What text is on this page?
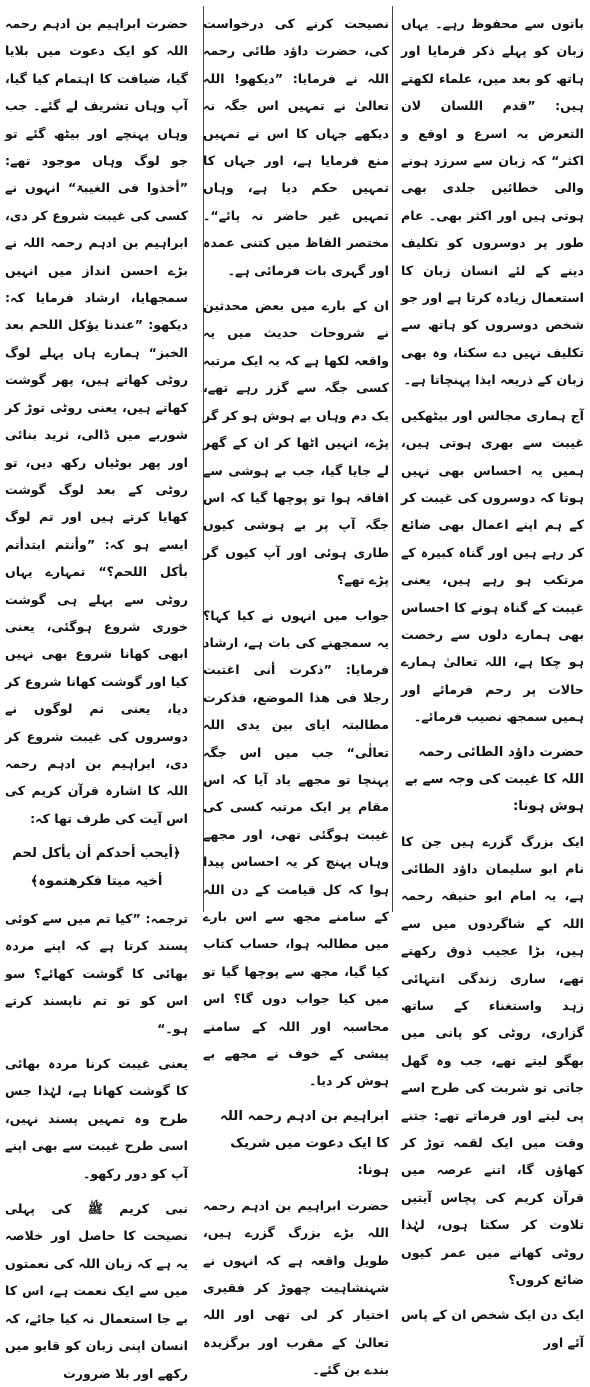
باتوں سے محفوظ رہے۔ یہاں زبان کو پہلے ذکر فرمایا اور ہاتھ کو بعد میں، علماء لکھتے ہیں: ”قدم اللسان لان التعرض بہ اسرع و اوقع و اکثر“ کہ زبان سے سرزد ہونے والی خطائیں جلدی بھی ہوتی ہیں اور اکثر بھی۔ عام طور پر دوسروں کو تکلیف دینے کے لئے انسان زبان کا استعمال زیادہ کرتا ہے اور جو شخص دوسروں کو ہاتھ سے تکلیف نہیں دے سکتا، وہ بھی زبان کے ذریعہ ایذا پہنچاتا ہے۔

آج ہماری مجالس اور بیٹھکیں غیبت سے بھری ہوتی ہیں، ہمیں یہ احساس بھی نہیں ہوتا کہ دوسروں کی غیبت کر کے ہم اپنے اعمال بھی ضائع کر رہے ہیں اور گناہ کبیرہ کے مرتکب ہو رہے ہیں، یعنی غیبت کے گناہ ہونے کا احساس بھی ہمارے دلوں سے رخصت ہو چکا ہے، اللہ تعالیٰ ہمارے حالات پر رحم فرمائے اور ہمیں سمجھ نصیب فرمائے۔

حضرت داؤد الطائی رحمہ اللہ کا غیبت کی وجہ سے بے ہوش ہونا:

ایک بزرگ گزرے ہیں جن کا نام ابو سلیمان داؤد الطائی ہے، یہ امام ابو حنیفہ رحمہ اللہ کے شاگردوں میں سے ہیں، بڑا عجیب ذوق رکھتے تھے، ساری زندگی انتہائی زہد واستغناء کے ساتھ گزاری، روٹی کو پانی میں بھگو لیتے تھے، جب وہ گھل جاتی تو شربت کی طرح اسے پی لیتے اور فرماتے تھے: جتنے وقت میں ایک لقمہ توڑ کر کھاؤں گا، اتنے عرصہ میں قرآن کریم کی پچاس آیتیں تلاوت کر سکتا ہوں، لہٰذا روٹی کھانے میں عمر کیوں ضائع کروں؟

ایک دن ایک شخص ان کے پاس آئے اور

نصیحت کرنے کی درخواست کی، حضرت داؤد طائی رحمہ اللہ نے فرمایا: ”دیکھو! اللہ تعالیٰ نے تمہیں اس جگہ نہ دیکھے جہاں کا اس نے تمہیں منع فرمایا ہے، اور جہاں کا تمہیں حکم دیا ہے، وہاں تمہیں غیر حاضر نہ پائے“۔ مختصر الفاظ میں کتنی عمدہ اور گہری بات فرمائی ہے۔

ان کے بارے میں بعض محدثین نے شروحات حدیث میں یہ واقعہ لکھا ہے کہ یہ ایک مرتبہ کسی جگہ سے گزر رہے تھے، یک دم وہاں بے ہوش ہو کر گر پڑے، انہیں اٹھا کر ان کے گھر لے جایا گیا، جب بے ہوشی سے افاقہ ہوا تو پوچھا گیا کہ اس جگہ آپ پر بے ہوشی کیوں طاری ہوئی اور آپ کیوں گر پڑے تھے؟

جواب میں انہوں نے کیا کہا؟ یہ سمجھنے کی بات ہے، ارشاد فرمایا: ”ذکرت أنی اغتبت رجلا فی ھذا الموضع، فذکرت مطالبتہ ایای بین یدی اللہ تعالٰی“ جب میں اس جگہ پہنچا تو مجھے یاد آیا کہ اس مقام پر ایک مرتبہ کسی کی غیبت ہوگئی تھی، اور مجھے وہاں پہنچ کر یہ احساس پیدا ہوا کہ کل قیامت کے دن اللہ کے سامنے مجھ سے اس بارے میں مطالبہ ہوا، حساب کتاب کیا گیا، مجھ سے پوچھا گیا تو میں کیا جواب دوں گا؟ اس محاسبہ اور اللہ کے سامنے پیشی کے خوف نے مجھے بے ہوش کر دیا۔

ابراہیم بن ادہم رحمہ اللہ کا ایک دعوت میں شریک ہونا:

حضرت ابراہیم بن ادہم رحمہ اللہ بڑے بزرگ گزرے ہیں، طویل واقعہ ہے کہ انہوں نے شہنشاہیت چھوڑ کر فقیری اختیار کر لی تھی اور اللہ تعالیٰ کے مقرب اور برگزیدہ بندے بن گئے۔

حضرت ابراہیم بن ادہم رحمہ اللہ کو ایک دعوت میں بلایا گیا، ضیافت کا اہتمام کیا گیا، آپ وہاں تشریف لے گئے۔ جب وہاں پہنچے اور بیٹھ گئے تو جو لوگ وہاں موجود تھے: ”أخذوا فی الغیبۃ“ انہوں نے کسی کی غیبت شروع کر دی، ابراہیم بن ادہم رحمہ اللہ نے بڑے احسن انداز میں انہیں سمجھایا، ارشاد فرمایا کہ: دیکھو: ”عندنا یؤکل اللحم بعد الخبز“ ہمارے ہاں پہلے لوگ روٹی کھاتے ہیں، پھر گوشت کھاتے ہیں، یعنی روٹی توڑ کر شوربے میں ڈالی، ثرید بنائی اور پھر بوٹیاں رکھ دیں، تو روٹی کے بعد لوگ گوشت کھایا کرتے ہیں اور تم لوگ ایسے ہو کہ: ”وأنتم ابتدأتم بأکل اللحم؟“ تمہارے یہاں روٹی سے پہلے ہی گوشت خوری شروع ہوگئی، یعنی ابھی کھانا شروع بھی نہیں کیا اور گوشت کھانا شروع کر دیا، یعنی تم لوگوں نے دوسروں کی غیبت شروع کر دی، ابراہیم بن ادہم رحمہ اللہ کا اشارہ قرآن کریم کی اس آیت کی طرف تھا کہ:

﴿أیحب أحدکم أن یأکل لحم أخیہ میتا فکرھتموہ﴾

ترجمہ: ”کیا تم میں سے کوئی پسند کرتا ہے کہ اپنے مردہ بھائی کا گوشت کھائے؟ سو اس کو تو تم ناپسند کرتے ہو۔“

یعنی غیبت کرنا مردہ بھائی کا گوشت کھانا ہے، لہٰذا جس طرح وہ تمہیں پسند نہیں، اسی طرح غیبت سے بھی اپنے آپ کو دور رکھو۔

نبی کریم ﷺ کی پہلی نصیحت کا حاصل اور خلاصہ یہ ہے کہ زبان اللہ کی نعمتوں میں سے ایک نعمت ہے، اس کا بے جا استعمال نہ کیا جائے، کہ انسان اپنی زبان کو قابو میں رکھے اور بلا ضرورت
